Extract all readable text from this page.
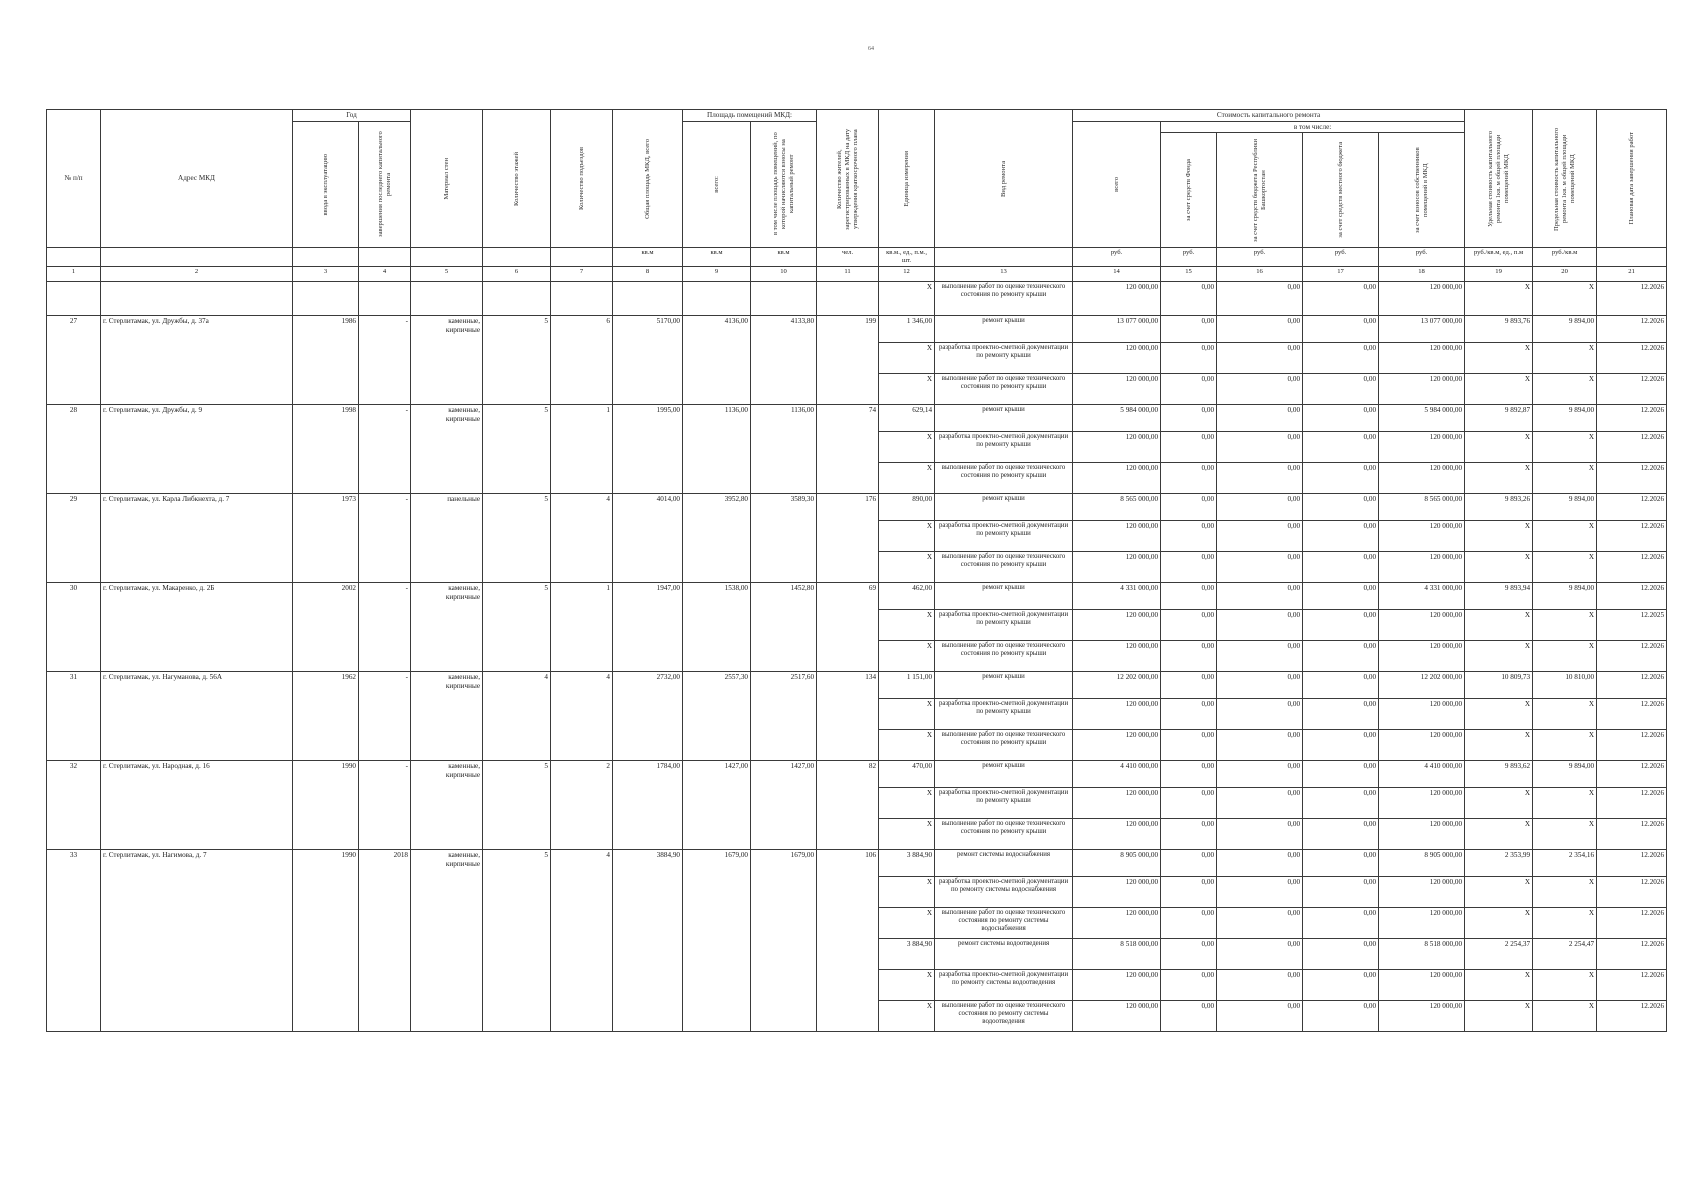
64
№ п/п	Адрес МКД	Год		Материал стен	Количество этажей	Количество подъездов	Общая площадь МКД, всего	Площадь помещений МКД:		Количество жителей, зарегистрированных в МКД на дату утверждения краткосрочного плана	Единица измерения	Вид ремонта	Стоимость капитального ремонта					Удельная стоимость капитального ремонта 1кв. м общей площади помещений МКД	Предельная стоимость капитального ремонта 1кв. м общей площади помещений МКД	Плановая дата завершения работ

		ввода в эксплуатацию	завершения последнего капитального ремонта					всего:	в том числе площадь помещений, по которой начисляются взносы на капитальный ремонт				всего	в том числе:						

														за счет средств Фонда	за счет средств бюджета Республики Башкортостан	за счет средств местного бюджета	за счет взносов собственников помещений в МКД			

							кв.м	кв.м	кв.м	чел.	кв.м., ед., п.м., шт.		руб.	руб.	руб.	руб.	руб.	руб./кв.м, ед., п.м	руб./кв.м	
1	2	3	4	5	6	7	8	9	10	11	12	13	14	15	16	17	18	19	20	21
											X	выполнение работ по оценке технического состояния по ремонту крыши	120 000,00	0,00	0,00	0,00	120 000,00	X	X	12.2026
27	г. Стерлитамак, ул. Дружбы, д. 37а	1986	-	каменные, кирпичные	5	6	5170,00	4136,00	4133,80	199	1 346,00	ремонт крыши	13 077 000,00	0,00	0,00	0,00	13 077 000,00	9 893,76	9 894,00	12.2026
											X	разработка проектно-сметной документации по ремонту крыши	120 000,00	0,00	0,00	0,00	120 000,00	X	X	12.2026
											X	выполнение работ по оценке технического состояния по ремонту крыши	120 000,00	0,00	0,00	0,00	120 000,00	X	X	12.2026
28	г. Стерлитамак, ул. Дружбы, д. 9	1998	-	каменные, кирпичные	5	1	1995,00	1136,00	1136,00	74	629,14	ремонт крыши	5 984 000,00	0,00	0,00	0,00	5 984 000,00	9 892,87	9 894,00	12.2026
											X	разработка проектно-сметной документации по ремонту крыши	120 000,00	0,00	0,00	0,00	120 000,00	X	X	12.2026
											X	выполнение работ по оценке технического состояния по ремонту крыши	120 000,00	0,00	0,00	0,00	120 000,00	X	X	12.2026
29	г. Стерлитамак, ул. Карла Либкнехта, д. 7	1973	-	панельные	5	4	4014,00	3952,80	3589,30	176	890,00	ремонт крыши	8 565 000,00	0,00	0,00	0,00	8 565 000,00	9 893,26	9 894,00	12.2026
											X	разработка проектно-сметной документации по ремонту крыши	120 000,00	0,00	0,00	0,00	120 000,00	X	X	12.2026
											X	выполнение работ по оценке технического состояния по ремонту крыши	120 000,00	0,00	0,00	0,00	120 000,00	X	X	12.2026
30	г. Стерлитамак, ул. Макаренко, д. 2Б	2002	-	каменные, кирпичные	5	1	1947,00	1538,00	1452,80	69	462,00	ремонт крыши	4 331 000,00	0,00	0,00	0,00	4 331 000,00	9 893,94	9 894,00	12.2026
											X	разработка проектно-сметной документации по ремонту крыши	120 000,00	0,00	0,00	0,00	120 000,00	X	X	12.2025
											X	выполнение работ по оценке технического состояния по ремонту крыши	120 000,00	0,00	0,00	0,00	120 000,00	X	X	12.2026
31	г. Стерлитамак, ул. Нагуманова, д. 56А	1962	-	каменные, кирпичные	4	4	2732,00	2557,30	2517,60	134	1 151,00	ремонт крыши	12 202 000,00	0,00	0,00	0,00	12 202 000,00	10 809,73	10 810,00	12.2026
											X	разработка проектно-сметной документации по ремонту крыши	120 000,00	0,00	0,00	0,00	120 000,00	X	X	12.2026
											X	выполнение работ по оценке технического состояния по ремонту крыши	120 000,00	0,00	0,00	0,00	120 000,00	X	X	12.2026
32	г. Стерлитамак, ул. Народная, д. 16	1990	-	каменные, кирпичные	5	2	1784,00	1427,00	1427,00	82	470,00	ремонт крыши	4 410 000,00	0,00	0,00	0,00	4 410 000,00	9 893,62	9 894,00	12.2026
											X	разработка проектно-сметной документации по ремонту крыши	120 000,00	0,00	0,00	0,00	120 000,00	X	X	12.2026
											X	выполнение работ по оценке технического состояния по ремонту крыши	120 000,00	0,00	0,00	0,00	120 000,00	X	X	12.2026
33	г. Стерлитамак, ул. Нагимова, д. 7	1990	2018	каменные, кирпичные	5	4	3884,90	1679,00	1679,00	106	3 884,90	ремонт системы водоснабжения	8 905 000,00	0,00	0,00	0,00	8 905 000,00	2 353,99	2 354,16	12.2026
											X	разработка проектно-сметной документации по ремонту системы водоснабжения	120 000,00	0,00	0,00	0,00	120 000,00	X	X	12.2026
											X	выполнение работ по оценке технического состояния по ремонту системы водоснабжения	120 000,00	0,00	0,00	0,00	120 000,00	X	X	12.2026
											3 884,90	ремонт системы водоотведения	8 518 000,00	0,00	0,00	0,00	8 518 000,00	2 254,37	2 254,47	12.2026
											X	разработка проектно-сметной документации по ремонту системы водоотведения	120 000,00	0,00	0,00	0,00	120 000,00	X	X	12.2026
											X	выполнение работ по оценке технического состояния по ремонту системы водоотведения	120 000,00	0,00	0,00	0,00	120 000,00	X	X	12.2026
